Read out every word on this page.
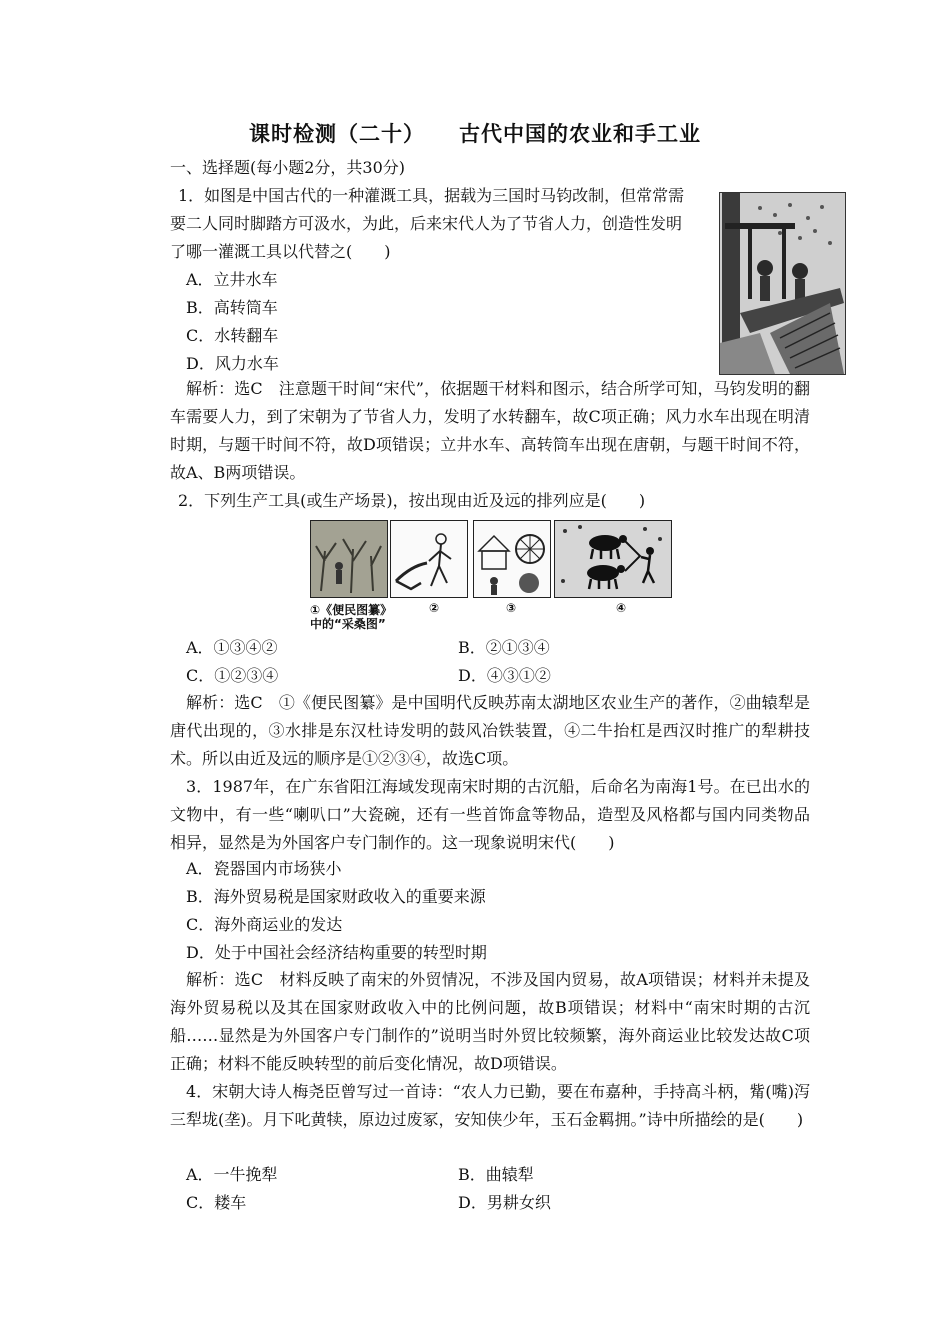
课时检测（二十） 古代中国的农业和手工业
一、选择题(每小题2分，共30分)
1．如图是中国古代的一种灌溉工具，据载为三国时马钧改制，但常常需
要二人同时脚踏方可汲水，为此，后来宋代人为了节省人力，创造性发明
了哪一灌溉工具以代替之(　　)
A．立井水车
B．高转筒车
C．水转翻车
D．风力水车
解析：选C　注意题干时间“宋代”，依据题干材料和图示，结合所学可知，马钧发明的翻车需要人力，到了宋朝为了节省人力，发明了水转翻车，故C项正确；风力水车出现在明清时期，与题干时间不符，故D项错误；立井水车、高转筒车出现在唐朝，与题干时间不符，故A、B两项错误。
2．下列生产工具(或生产场景)，按出现由近及远的排列应是(　　)
①《便民图纂》
中的“采桑图”
②	③	④
A．①③④②	B．②①③④
C．①②③④	D．④③①②
解析：选C　①《便民图纂》是中国明代反映苏南太湖地区农业生产的著作，②曲辕犁是唐代出现的，③水排是东汉杜诗发明的鼓风冶铁装置，④二牛抬杠是西汉时推广的犁耕技术。所以由近及远的顺序是①②③④，故选C项。
3．1987年，在广东省阳江海域发现南宋时期的古沉船，后命名为南海1号。在已出水的文物中，有一些“喇叭口”大瓷碗，还有一些首饰盒等物品，造型及风格都与国内同类物品相异，显然是为外国客户专门制作的。这一现象说明宋代(　　)
A．瓷器国内市场狭小
B．海外贸易税是国家财政收入的重要来源
C．海外商运业的发达
D．处于中国社会经济结构重要的转型时期
解析：选C　材料反映了南宋的外贸情况，不涉及国内贸易，故A项错误；材料并未提及海外贸易税以及其在国家财政收入中的比例问题，故B项错误；材料中“南宋时期的古沉船……显然是为外国客户专门制作的”说明当时外贸比较频繁，海外商运业比较发达故C项正确；材料不能反映转型的前后变化情况，故D项错误。
4．宋朝大诗人梅尧臣曾写过一首诗：“农人力已勤，要在布嘉种，手持高斗柄，觜(嘴)泻三犁垅(垄)。月下叱黄犊，原边过废冢，安知侠少年，玉石金羁拥。”诗中所描绘的是(　　)
A．一牛挽犁	B．曲辕犁
C．耧车	D．男耕女织
